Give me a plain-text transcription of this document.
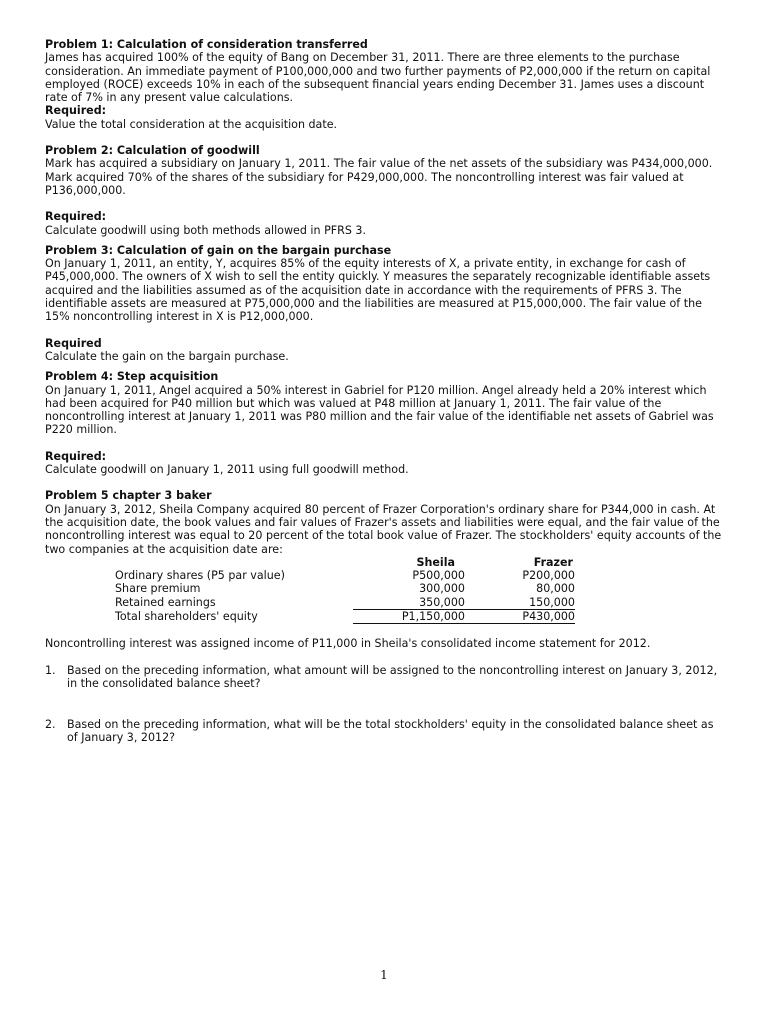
Problem 1: Calculation of consideration transferred

James has acquired 100% of the equity of Bang on December 31, 2011. There are three elements to the purchase consideration. An immediate payment of P100,000,000 and two further payments of P2,000,000 if the return on capital employed (ROCE) exceeds 10% in each of the subsequent financial years ending December 31. James uses a discount rate of 7% in any present value calculations.

Required:

Value the total consideration at the acquisition date.

Problem 2: Calculation of goodwill

Mark has acquired a subsidiary on January 1, 2011. The fair value of the net assets of the subsidiary was P434,000,000. Mark acquired 70% of the shares of the subsidiary for P429,000,000. The noncontrolling interest was fair valued at P136,000,000.

Required:

Calculate goodwill using both methods allowed in PFRS 3.

Problem 3: Calculation of gain on the bargain purchase

On January 1, 2011, an entity, Y, acquires 85% of the equity interests of X, a private entity, in exchange for cash of P45,000,000. The owners of X wish to sell the entity quickly. Y measures the separately recognizable identifiable assets acquired and the liabilities assumed as of the acquisition date in accordance with the requirements of PFRS 3. The identifiable assets are measured at P75,000,000 and the liabilities are measured at P15,000,000. The fair value of the 15% noncontrolling interest in X is P12,000,000.

Required

Calculate the gain on the bargain purchase.

Problem 4: Step acquisition

On January 1, 2011, Angel acquired a 50% interest in Gabriel for P120 million. Angel already held a 20% interest which had been acquired for P40 million but which was valued at P48 million at January 1, 2011. The fair value of the noncontrolling interest at January 1, 2011 was P80 million and the fair value of the identifiable net assets of Gabriel was P220 million.

Required:

Calculate goodwill on January 1, 2011 using full goodwill method.

Problem 5 chapter 3 baker

On January 3, 2012, Sheila Company acquired 80 percent of Frazer Corporation's ordinary share for P344,000 in cash. At the acquisition date, the book values and fair values of Frazer's assets and liabilities were equal, and the fair value of the noncontrolling interest was equal to 20 percent of the total book value of Frazer. The stockholders' equity accounts of the two companies at the acquisition date are:

	Sheila	Frazer
Ordinary shares (P5 par value)	P500,000	P200,000
Share premium	300,000	80,000
Retained earnings	350,000	150,000
Total shareholders' equity	P1,150,000	P430,000

Noncontrolling interest was assigned income of P11,000 in Sheila's consolidated income statement for 2012.

1. Based on the preceding information, what amount will be assigned to the noncontrolling interest on January 3, 2012, in the consolidated balance sheet?
2. Based on the preceding information, what will be the total stockholders' equity in the consolidated balance sheet as of January 3, 2012?
1
